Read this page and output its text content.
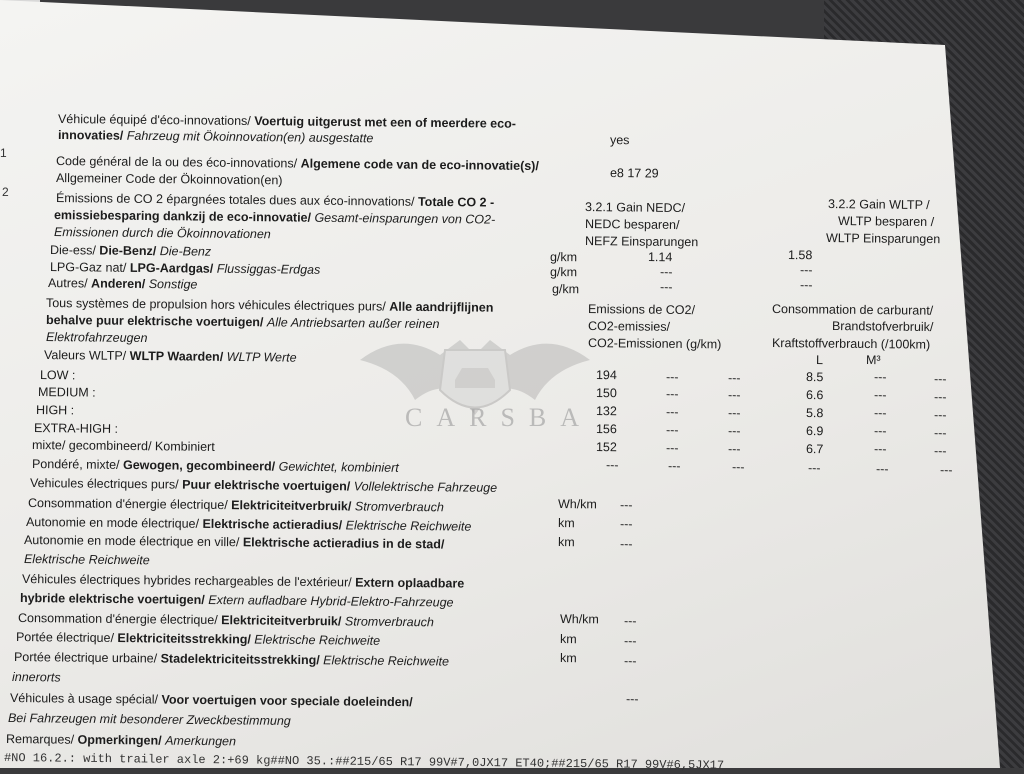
1
2
Véhicule équipé d'éco-innovations/ Voertuig uitgerust met een of meerdere eco-
innovaties/ Fahrzeug mit Ökoinnovation(en) ausgestatte	yes
Code général de la ou des éco-innovations/ Algemene code van de eco-innovatie(s)/
Allgemeiner Code der Ökoinnovation(en)	e8 17 29
Émissions de CO 2 épargnées totales dues aux éco-innovations/ Totale CO 2 -
emissiebesparing dankzij de eco-innovatie/ Gesamt-einsparungen von CO2-
Emissionen durch die Ökoinnovationen
3.2.1 Gain NEDC/
NEDC besparen/
NEFZ Einsparungen
3.2.2 Gain WLTP /
WLTP besparen /
WLTP Einsparungen
Die-ess/ Die-Benz/ Die-Benz	g/km	1.14	1.58
LPG-Gaz nat/ LPG-Aardgas/ Flussiggas-Erdgas	g/km	---	---
Autres/ Anderen/ Sonstige	g/km	---	---
Tous systèmes de propulsion hors véhicules électriques purs/ Alle aandrijflijnen
behalve puur elektrische voertuigen/ Alle Antriebsarten außer reinen
Elektrofahrzeugen
Emissions de CO2/
CO2-emissies/
CO2-Emissionen (g/km)
Consommation de carburant/
Brandstofverbruik/
Kraftstoffverbrauch (/100km)
L	M³
Valeurs WLTP/ WLTP Waarden/ WLTP Werte
LOW :	194	---	---	8.5	---	---
MEDIUM :	150	---	---	6.6	---	---
HIGH :	132	---	---	5.8	---	---
EXTRA-HIGH :	156	---	---	6.9	---	---
mixte/ gecombineerd/ Kombiniert	152	---	---	6.7	---	---
Pondéré, mixte/ Gewogen, gecombineerd/ Gewichtet, kombiniert	---	---	---	---	---	---
Vehicules électriques purs/ Puur elektrische voertuigen/ Vollelektrische Fahrzeuge
Consommation d'énergie électrique/ Elektriciteitverbruik/ Stromverbrauch	Wh/km ---
Autonomie en mode électrique/ Elektrische actieradius/ Elektrische Reichweite	km	---
Autonomie en mode électrique en ville/ Elektrische actieradius in de stad/	km	---
Elektrische Reichweite
Véhicules électriques hybrides rechargeables de l'extérieur/ Extern oplaadbare
hybride elektrische voertuigen/ Extern aufladbare Hybrid-Elektro-Fahrzeuge
Consommation d'énergie électrique/ Elektriciteitverbruik/ Stromverbrauch	Wh/km ---
Portée électrique/ Elektriciteitsstrekking/ Elektrische Reichweite	km	---
Portée électrique urbaine/ Stadelektriciteitsstrekking/ Elektrische Reichweite	km	---
innerorts
Véhicules à usage spécial/ Voor voertuigen voor speciale doeleinden/	---
Bei Fahrzeugen mit besonderer Zweckbestimmung
Remarques/ Opmerkingen/ Amerkungen
#NO 16.2.: with trailer axle 2:+69 kg##NO 35.:##215/65 R17 99V#7,0JX17 ET40;##215/65 R17 99V#6,5JX17
CARSBA
